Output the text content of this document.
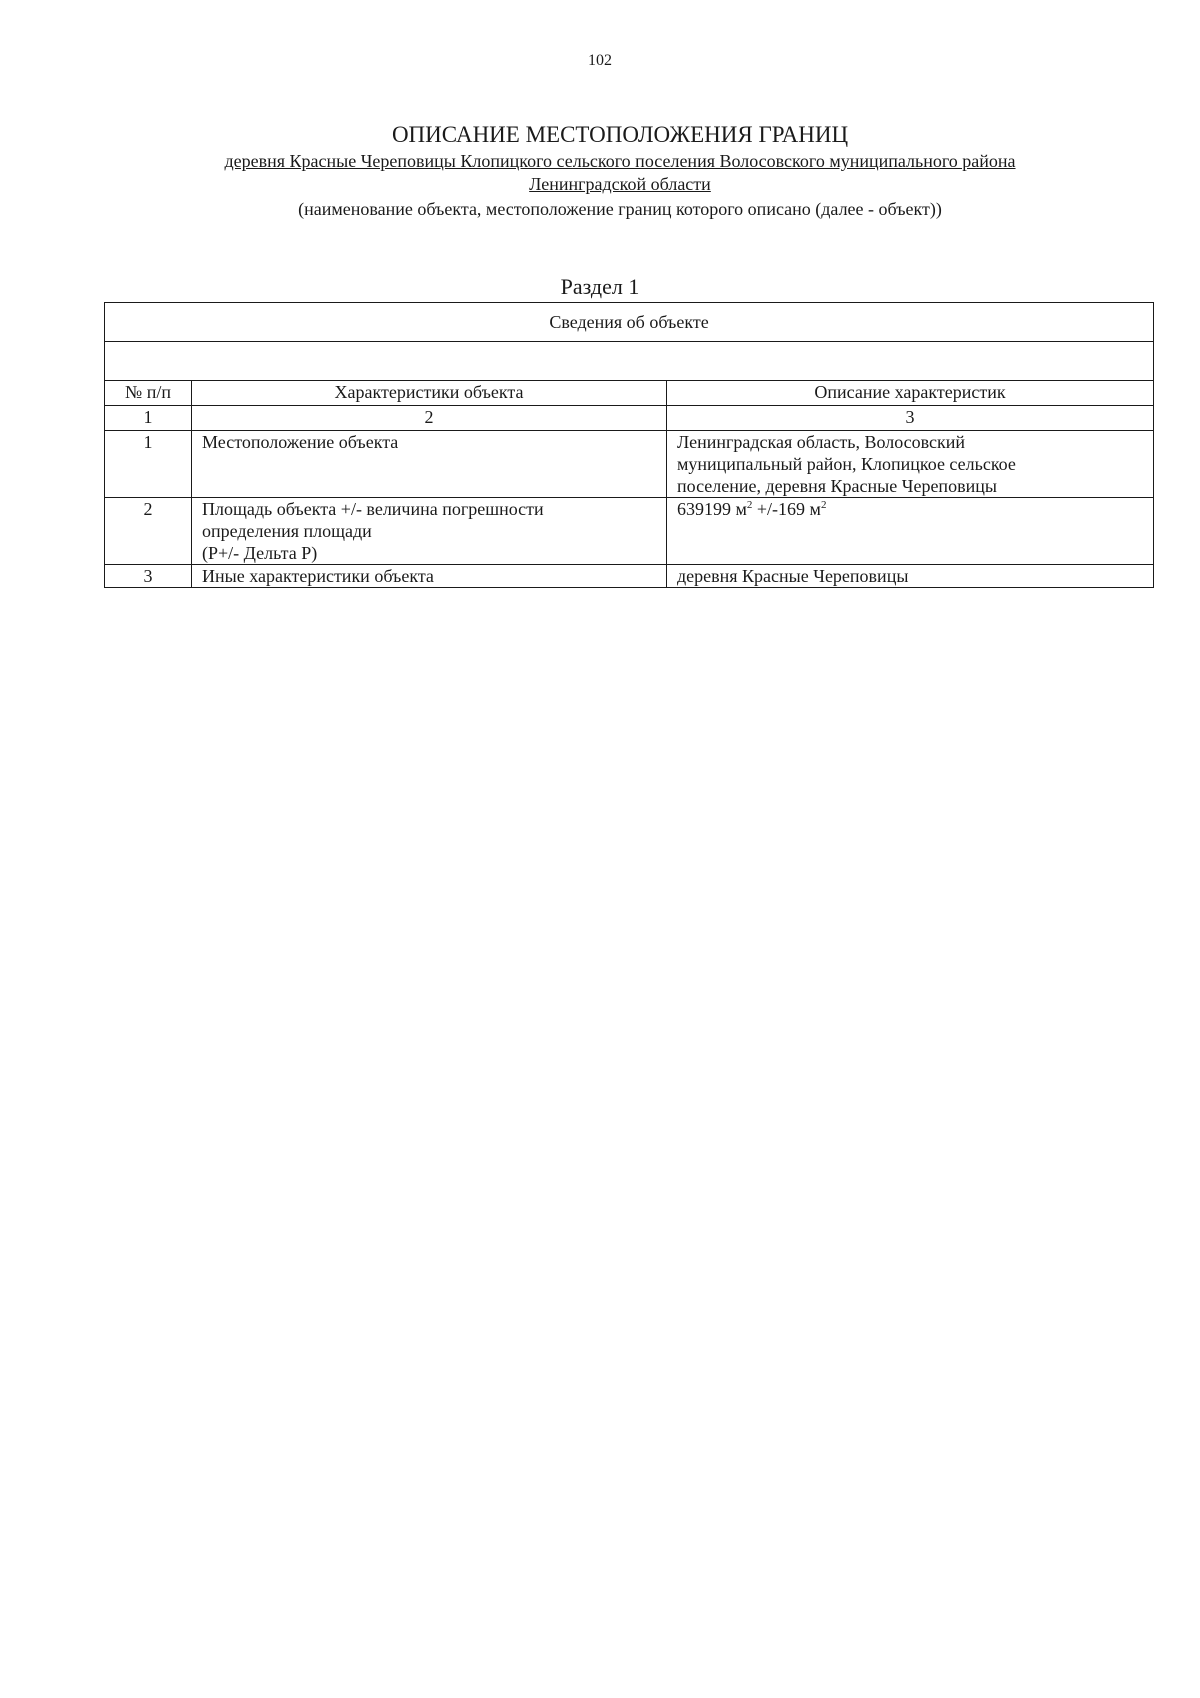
102

ОПИСАНИЕ МЕСТОПОЛОЖЕНИЯ ГРАНИЦ

деревня Красные Череповицы Клопицкого сельского поселения Волосовского муниципального района

Ленинградской области

(наименование объекта, местоположение границ которого описано (далее - объект))

Раздел 1
Сведения об объекте		

№ п/п	Характеристики объекта	Описание характеристик
1	2	3
1	Местоположение объекта	Ленинградская область, Волосовский
муниципальный район, Клопицкое сельское
поселение, деревня Красные Череповицы

2	Площадь объекта +/- величина погрешности
определения площади
(Р+/- Дельта Р)	639199 $м^2 +/-169$ $м^2$
3	Иные характеристики объекта	деревня Красные Череповицы
